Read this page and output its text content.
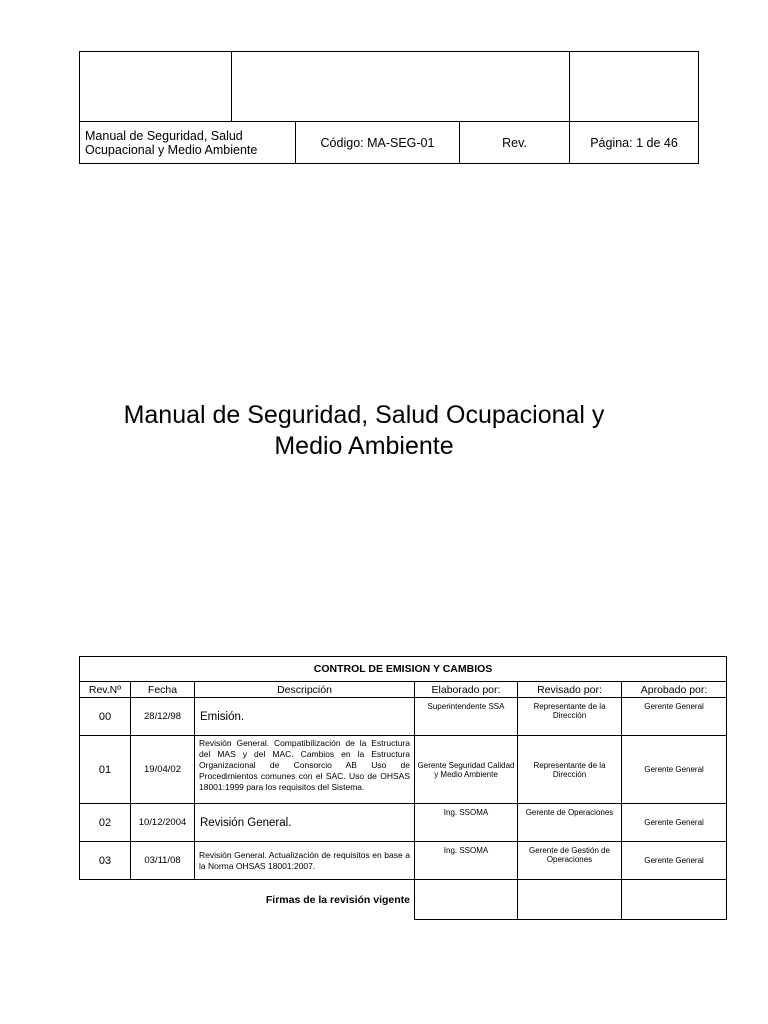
Manual de Seguridad, Salud Ocupacional y Medio Ambiente	Código: MA-SEG-01	Rev.	Página: 1 de 46
Manual de Seguridad, Salud Ocupacional y
Medio Ambiente
CONTROL DE EMISION Y CAMBIOS					
Rev.Nº	Fecha	Descripción	Elaborado por:	Revisado por:	Aprobado por:
00	28/12/98	Emisión.	Superintendente SSA	Representante de la Dirección	Gerente General
01	19/04/02	Revisión General. Compatibilización de la Estructura del MAS y del MAC. Cambios en la Estructura Organizacional de Consorcio AB Uso de Procedimientos comunes con el SAC. Uso de OHSAS 18001:1999 para los requisitos del Sistema.	Gerente Seguridad Calidad y Medio Ambiente	Representante de la Dirección	Gerente General
02	10/12/2004	Revisión General.	Ing. SSOMA	Gerente de Operaciones	Gerente General
03	03/11/08	Revisión General. Actualización de requisitos en base a la Norma OHSAS 18001:2007.	Ing. SSOMA	Gerente de Gestión de Operaciones	Gerente General
Firmas de la revisión vigente					
